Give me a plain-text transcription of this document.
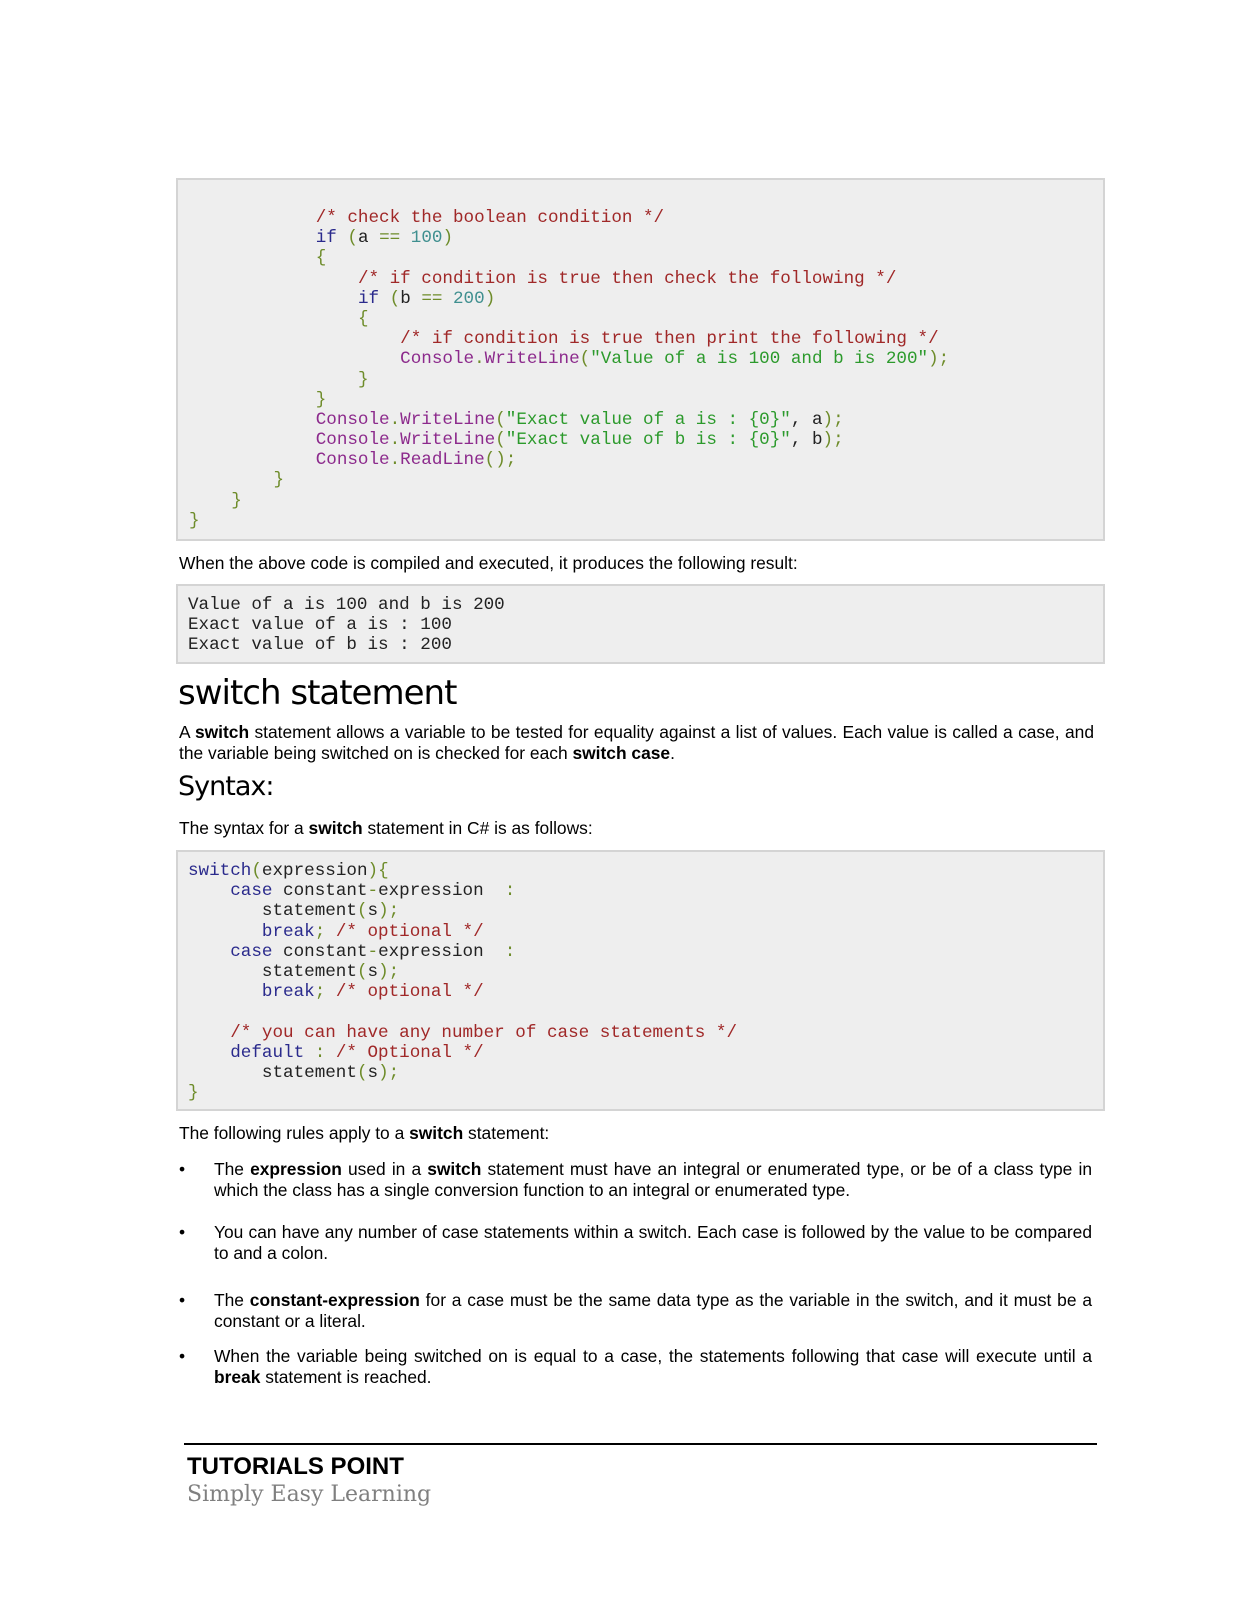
/* check the boolean condition */
if (a == 100)
{
/* if condition is true then check the following */
if (b == 200)
{
/* if condition is true then print the following */
Console.WriteLine("Value of a is 100 and b is 200");
}
}
Console.WriteLine("Exact value of a is : {0}", a);
Console.WriteLine("Exact value of b is : {0}", b);
Console.ReadLine();
}
}
}

When the above code is compiled and executed, it produces the following result:

Value of a is 100 and b is 200
Exact value of a is : 100
Exact value of b is : 200
switch statement

A switch statement allows a variable to be tested for equality against a list of values. Each value is called a case, and the variable being switched on is checked for each switch case.

Syntax:

The syntax for a switch statement in C# is as follows:

switch(expression){
case constant-expression  :
statement(s);
break; /* optional */
case constant-expression  :
statement(s);
break; /* optional */
/* you can have any number of case statements */
default : /* Optional */
statement(s);
}

The following rules apply to a switch statement:

• The expression used in a switch statement must have an integral or enumerated type, or be of a class type in which the class has a single conversion function to an integral or enumerated type.

• You can have any number of case statements within a switch. Each case is followed by the value to be compared to and a colon.

• The constant-expression for a case must be the same data type as the variable in the switch, and it must be a constant or a literal.

• When the variable being switched on is equal to a case, the statements following that case will execute until a break statement is reached.

TUTORIALS POINT

Simply Easy Learning
